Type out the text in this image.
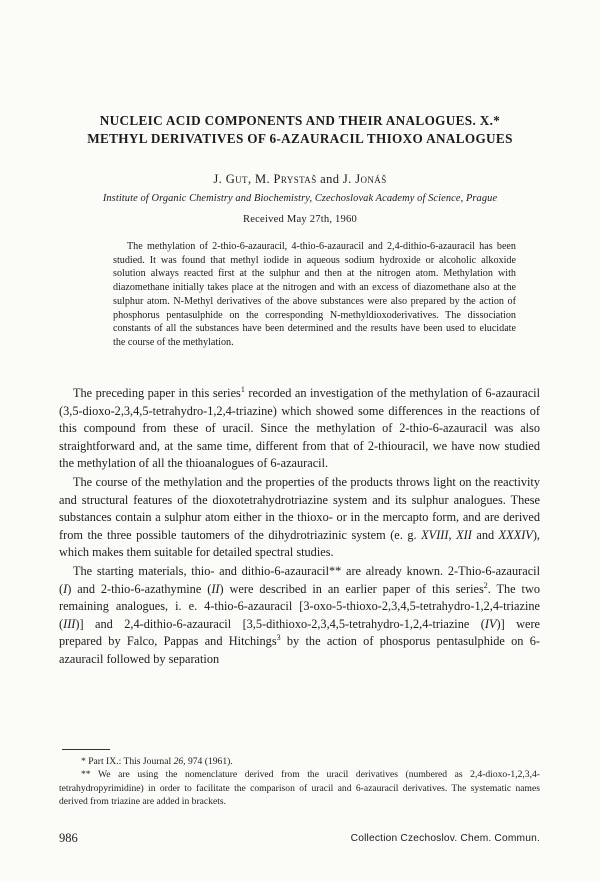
NUCLEIC ACID COMPONENTS AND THEIR ANALOGUES. X.*
METHYL DERIVATIVES OF 6-AZAURACIL THIOXO ANALOGUES
J. Gut, M. Prystaš and J. Jonáš
Institute of Organic Chemistry and Biochemistry, Czechoslovak Academy of Science, Prague
Received May 27th, 1960

The methylation of 2-thio-6-azauracil, 4-thio-6-azauracil and 2,4-dithio-6-azauracil has been studied. It was found that methyl iodide in aqueous sodium hydroxide or alcoholic alkoxide solution always reacted first at the sulphur and then at the nitrogen atom. Methylation with diazomethane initially takes place at the nitrogen and with an excess of diazomethane also at the sulphur atom. N-Methyl derivatives of the above substances were also prepared by the action of phosphorus pentasulphide on the corresponding N-methyldioxoderivatives. The dissociation constants of all the substances have been determined and the results have been used to elucidate the course of the methylation.

The preceding paper in this series$^1$ recorded an investigation of the methylation of 6-azauracil (3,5-dioxo-2,3,4,5-tetrahydro-1,2,4-triazine) which showed some differences in the reactions of this compound from these of uracil. Since the methylation of 2-thio-6-azauracil was also straightforward and, at the same time, different from that of 2-thiouracil, we have now studied the methylation of all the thioanalogues of 6-azauracil.

The course of the methylation and the properties of the products throws light on the reactivity and structural features of the dioxotetrahydrotriazine system and its sulphur analogues. These substances contain a sulphur atom either in the thioxo- or in the mercapto form, and are derived from the three possible tautomers of the dihydrotriazinic system (e. g. XVIII, XII and XXXIV), which makes them suitable for detailed spectral studies.

The starting materials, thio- and dithio-6-azauracil** are already known. 2-Thio-6-azauracil (I) and 2-thio-6-azathymine (II) were described in an earlier paper of this series$^2$. The two remaining analogues, i. e. 4-thio-6-azauracil [3-oxo-5-thioxo-2,3,4,5-tetrahydro-1,2,4-triazine (III)] and 2,4-dithio-6-azauracil [3,5-dithioxo-2,3,4,5-tetrahydro-1,2,4-triazine (IV)] were prepared by Falco, Pappas and Hitchings$^3$ by the action of phosporus pentasulphide on 6-azauracil followed by separation

* Part IX.: This Journal 26, 974 (1961).

** We are using the nomenclature derived from the uracil derivatives (numbered as 2,4-dioxo-1,2,3,4-tetrahydropyrimidine) in order to facilitate the comparison of uracil and 6-azauracil derivatives. The systematic names derived from triazine are added in brackets.

986	Collection Czechoslov. Chem. Commun.
